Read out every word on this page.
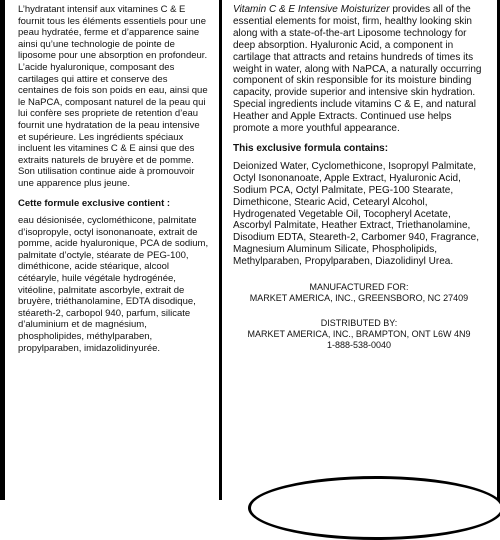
L’hydratant intensif aux vitamines C & E fournit tous les éléments essentiels pour une peau hydratée, ferme et d’apparence saine ainsi qu’une technologie de pointe de liposome pour une absorption en profondeur. L’acide hyaluronique, composant des cartilages qui attire et conserve des centaines de fois son poids en eau, ainsi que le NaPCA, composant naturel de la peau qui lui confère ses propriete de retention d’eau fournit une hydratation de la peau intensive et supérieure. Les ingrédients spéciaux incluent les vitamines C & E ainsi que des extraits naturels de bruyère et de pomme. Son utilisation continue aide à promouvoir une apparence plus jeune.

Cette formule exclusive contient :

eau désionisée, cyclométhicone, palmitate d’isopropyle, octyl isononanoate, extrait de pomme, acide hyaluronique, PCA de sodium, palmitate d’octyle, stéarate de PEG-100, diméthicone, acide stéarique, alcool cétéaryle, huile végétale hydrogénée, vitéoline, palmitate ascorbyle, extrait de bruyère, triéthanolamine, EDTA disodique, stéareth-2, carbopol 940, parfum, silicate d’aluminium et de magnésium, phospholipides, méthylparaben, propylparaben, imidazolidinyurée.

Vitamin C & E Intensive Moisturizer provides all of the essential elements for moist, firm, healthy looking skin along with a state-of-the-art Liposome technology for deep absorption. Hyaluronic Acid, a component in cartilage that attracts and retains hundreds of times its weight in water, along with NaPCA, a naturally occurring component of skin responsible for its moisture binding capacity, provide superior and intensive skin hydration. Special ingredients include vitamins C & E, and natural Heather and Apple Extracts. Continued use helps promote a more youthful appearance.

This exclusive formula contains:

Deionized Water, Cyclomethicone, Isopropyl Palmitate, Octyl Isononanoate, Apple Extract, Hyaluronic Acid, Sodium PCA, Octyl Palmitate, PEG-100 Stearate, Dimethicone, Stearic Acid, Cetearyl Alcohol, Hydrogenated Vegetable Oil, Tocopheryl Acetate, Ascorbyl Palmitate, Heather Extract, Triethanolamine, Disodium EDTA, Steareth-2, Carbomer 940, Fragrance, Magnesium Aluminum Silicate, Phospholipids, Methylparaben, Propylparaben, Diazolidinyl Urea.

MANUFACTURED FOR:
MARKET AMERICA, INC., GREENSBORO, NC 27409
DISTRIBUTED BY:
MARKET AMERICA, INC., BRAMPTON, ONT L6W 4N9
1-888-538-0040
